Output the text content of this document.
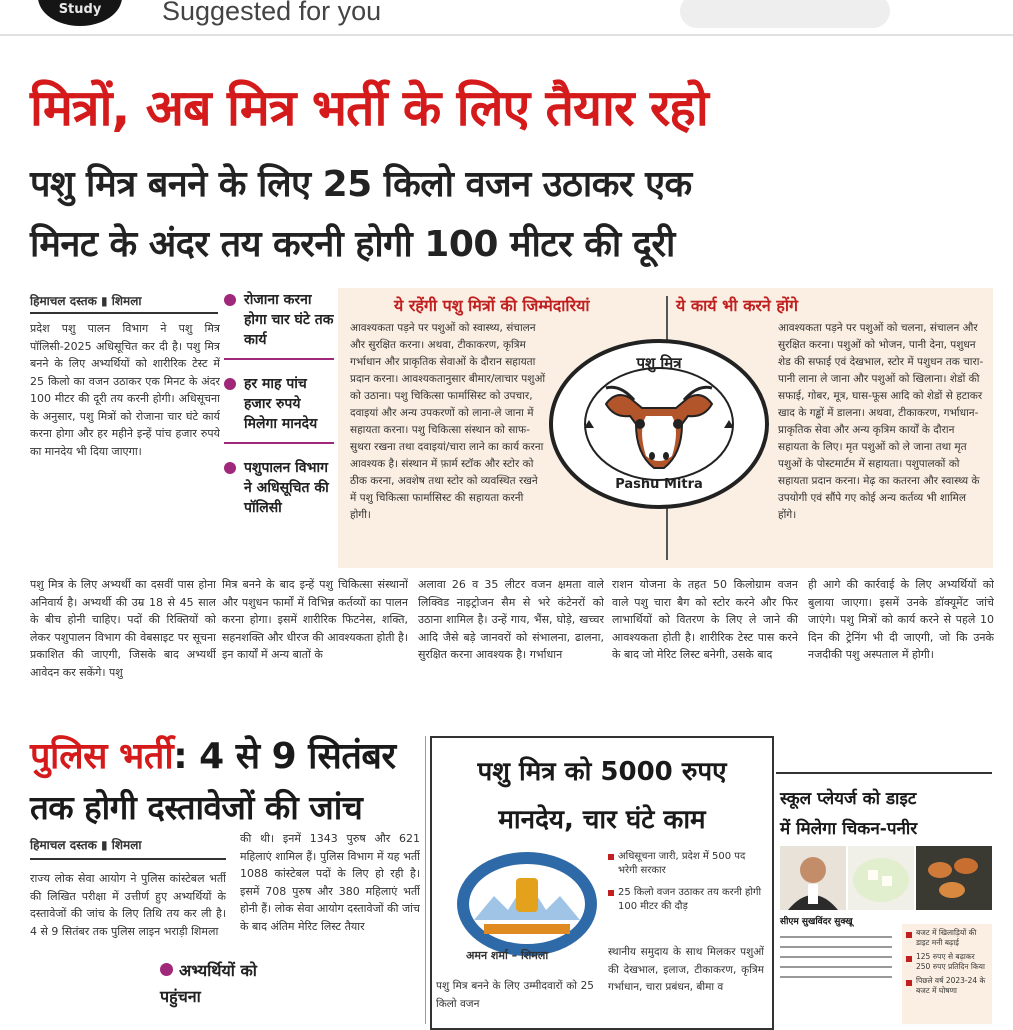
Study	Suggested for you
मित्रों, अब मित्र भर्ती के लिए तैयार रहो
पशु मित्र बनने के लिए 25 किलो वजन उठाकर एक
मिनट के अंदर तय करनी होगी 100 मीटर की दूरी
हिमाचल दस्तक ▮ शिमला
प्रदेश पशु पालन विभाग ने पशु मित्र पॉलिसी-2025 अधिसूचित कर दी है। पशु मित्र बनने के लिए अभ्यर्थियों को शारीरिक टेस्ट में 25 किलो का वजन उठाकर एक मिनट के अंदर 100 मीटर की दूरी तय करनी होगी। अधिसूचना के अनुसार, पशु मित्रों को रोजाना चार घंटे कार्य करना होगा और हर महीने इन्हें पांच हजार रुपये का मानदेय भी दिया जाएगा।
रोजाना करना होगा चार घंटे तक कार्य
हर माह पांच हजार रुपये मिलेगा मानदेय
पशुपालन विभाग ने अधिसूचित की पॉलिसी
ये रहेंगी पशु मित्रों की जिम्मेदारियां	ये कार्य भी करने होंगे
आवश्यकता पड़ने पर पशुओं को स्वास्थ्य, संचालन और सुरक्षित करना। अथवा, टीकाकरण, कृत्रिम गर्भाधान और प्राकृतिक सेवाओं के दौरान सहायता प्रदान करना। आवश्यकतानुसार बीमार/लाचार पशुओं को उठाना। पशु चिकित्सा फार्मासिस्ट को उपचार, दवाइयां और अन्य उपकरणों को लाना-ले जाना में सहायता करना। पशु चिकित्सा संस्थान को साफ-सुथरा रखना तथा दवाइयां/चारा लाने का कार्य करना आवश्यक है। संस्थान में फ़ार्म स्टॉक और स्टोर को ठीक करना, अवशेष तथा स्टोर को व्यवस्थित रखने में पशु चिकित्सा फार्मासिस्ट की सहायता करनी होगी।
आवश्यकता पड़ने पर पशुओं को चलना, संचालन और सुरक्षित करना। पशुओं को भोजन, पानी देना, पशुधन शेड की सफाई एवं देखभाल, स्टोर में पशुधन तक चारा-पानी लाना ले जाना और पशुओं को खिलाना। शेडों की सफाई, गोबर, मूत्र, घास-फूस आदि को शेडों से हटाकर खाद के गड्ढों में डालना। अथवा, टीकाकरण, गर्भाधान-प्राकृतिक सेवा और अन्य कृत्रिम कार्यों के दौरान सहायता के लिए। मृत पशुओं को ले जाना तथा मृत पशुओं के पोस्टमार्टम में सहायता। पशुपालकों को सहायता प्रदान करना। मेढ़ का कतरना और स्वास्थ्य के उपयोगी एवं सौंपे गए कोई अन्य कर्तव्य भी शामिल होंगे।
पशु मित्र
Pashu Mitra
पशु मित्र के लिए अभ्यर्थी का दसवीं पास होना अनिवार्य है। अभ्यर्थी की उम्र 18 से 45 साल के बीच होनी चाहिए। पदों की रिक्तियों को लेकर पशुपालन विभाग की वेबसाइट पर सूचना प्रकाशित की जाएगी, जिसके बाद अभ्यर्थी आवेदन कर सकेंगे। पशु
मित्र बनने के बाद इन्हें पशु चिकित्सा संस्थानों और पशुधन फार्मों में विभिन्न कर्तव्यों का पालन करना होगा। इसमें शारीरिक फिटनेस, शक्ति, सहनशक्ति और धीरज की आवश्यकता होती है। इन कार्यों में अन्य बातों के
अलावा 26 व 35 लीटर वजन क्षमता वाले लिक्विड नाइट्रोजन सैम से भरे कंटेनरों को उठाना शामिल है। उन्हें गाय, भैंस, घोड़े, खच्चर आदि जैसे बड़े जानवरों को संभालना, ढालना, सुरक्षित करना आवश्यक है। गर्भाधान
राशन योजना के तहत 50 किलोग्राम वजन वाले पशु चारा बैग को स्टोर करने और फिर लाभार्थियों को वितरण के लिए ले जाने की आवश्यकता होती है। शारीरिक टेस्ट पास करने के बाद जो मेरिट लिस्ट बनेगी, उसके बाद
ही आगे की कार्रवाई के लिए अभ्यर्थियों को बुलाया जाएगा। इसमें उनके डॉक्यूमेंट जांचे जाएंगे। पशु मित्रों को कार्य करने से पहले 10 दिन की ट्रेनिंग भी दी जाएगी, जो कि उनके नजदीकी पशु अस्पताल में होगी।
पुलिस भर्ती: 4 से 9 सितंबर
तक होगी दस्तावेजों की जांच
हिमाचल दस्तक ▮ शिमला
राज्य लोक सेवा आयोग ने पुलिस कांस्टेबल भर्ती की लिखित परीक्षा में उत्तीर्ण हुए अभ्यर्थियों के दस्तावेजों की जांच के लिए तिथि तय कर ली है। 4 से 9 सितंबर तक पुलिस लाइन भराड़ी शिमला
की थी। इनमें 1343 पुरुष और 621 महिलाएं शामिल हैं। पुलिस विभाग में यह भर्ती 1088 कांस्टेबल पदों के लिए हो रही है। इसमें 708 पुरुष और 380 महिलाएं भर्ती होनी हैं। लोक सेवा आयोग दस्तावेजों की जांच के बाद अंतिम मेरिट लिस्ट तैयार
अभ्यर्थियों को पहुंचना
पशु मित्र को 5000 रुपए
मानदेय, चार घंटे काम
अधिसूचना जारी, प्रदेश में 500 पद भरेगी सरकार
25 किलो वजन उठाकर तय करनी होगी 100 मीटर की दौड़
अमन शर्मा – शिमला
पशु मित्र बनने के लिए उम्मीदवारों को 25 किलो वजन
स्थानीय समुदाय के साथ मिलकर पशुओं की देखभाल, इलाज, टीकाकरण, कृत्रिम गर्भाधान, चारा प्रबंधन, बीमा व
स्कूल प्लेयर्ज को डाइट
में मिलेगा चिकन-पनीर
सीएम सुखविंदर सुक्खू
बजट में खिलाड़ियों की डाइट मनी बढ़ाई
125 रुपए से बढ़ाकर 250 रुपए प्रतिदिन किया
पिछले वर्ष 2023-24 के बजट में घोषणा
